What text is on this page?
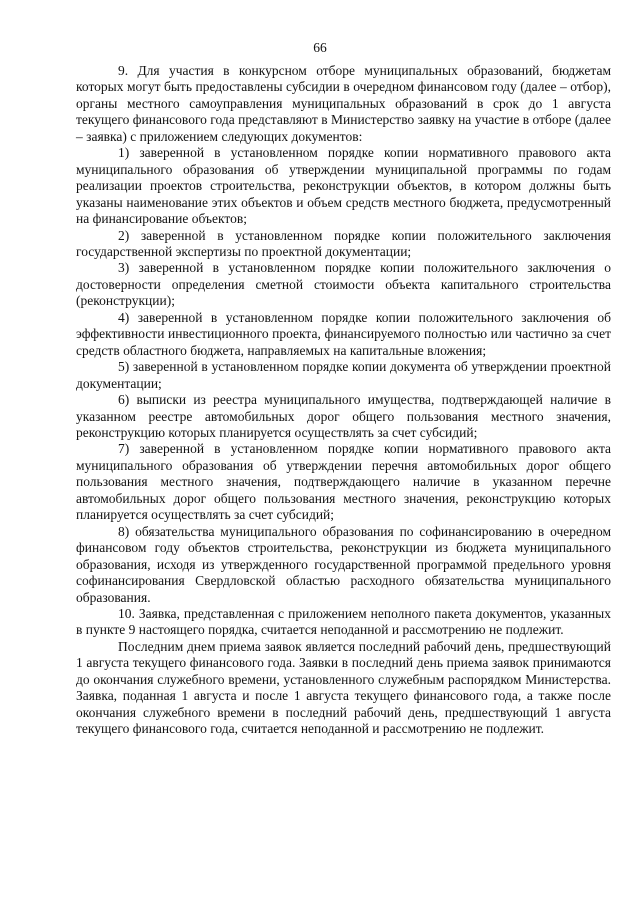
66

9. Для участия в конкурсном отборе муниципальных образований, бюджетам которых могут быть предоставлены субсидии в очередном финансовом году (далее – отбор), органы местного самоуправления муниципальных образований в срок до 1 августа текущего финансового года представляют в Министерство заявку на участие в отборе (далее – заявка) с приложением следующих документов:

1) заверенной в установленном порядке копии нормативного правового акта муниципального образования об утверждении муниципальной программы по годам реализации проектов строительства, реконструкции объектов, в котором должны быть указаны наименование этих объектов и объем средств местного бюджета, предусмотренный на финансирование объектов;

2) заверенной в установленном порядке копии положительного заключения государственной экспертизы по проектной документации;

3) заверенной в установленном порядке копии положительного заключения о достоверности определения сметной стоимости объекта капитального строительства (реконструкции);

4) заверенной в установленном порядке копии положительного заключения об эффективности инвестиционного проекта, финансируемого полностью или частично за счет средств областного бюджета, направляемых на капитальные вложения;

5) заверенной в установленном порядке копии документа об утверждении проектной документации;

6) выписки из реестра муниципального имущества, подтверждающей наличие в указанном реестре автомобильных дорог общего пользования местного значения, реконструкцию которых планируется осуществлять за счет субсидий;

7) заверенной в установленном порядке копии нормативного правового акта муниципального образования об утверждении перечня автомобильных дорог общего пользования местного значения, подтверждающего наличие в указанном перечне автомобильных дорог общего пользования местного значения, реконструкцию которых планируется осуществлять за счет субсидий;

8) обязательства муниципального образования по софинансированию в очередном финансовом году объектов строительства, реконструкции из бюджета муниципального образования, исходя из утвержденного государственной программой предельного уровня софинансирования Свердловской областью расходного обязательства муниципального образования.

10. Заявка, представленная с приложением неполного пакета документов, указанных в пункте 9 настоящего порядка, считается неподанной и рассмотрению не подлежит.

Последним днем приема заявок является последний рабочий день, предшествующий 1 августа текущего финансового года. Заявки в последний день приема заявок принимаются до окончания служебного времени, установленного служебным распорядком Министерства. Заявка, поданная 1 августа и после 1 августа текущего финансового года, а также после окончания служебного времени в последний рабочий день, предшествующий 1 августа текущего финансового года, считается неподанной и рассмотрению не подлежит.
